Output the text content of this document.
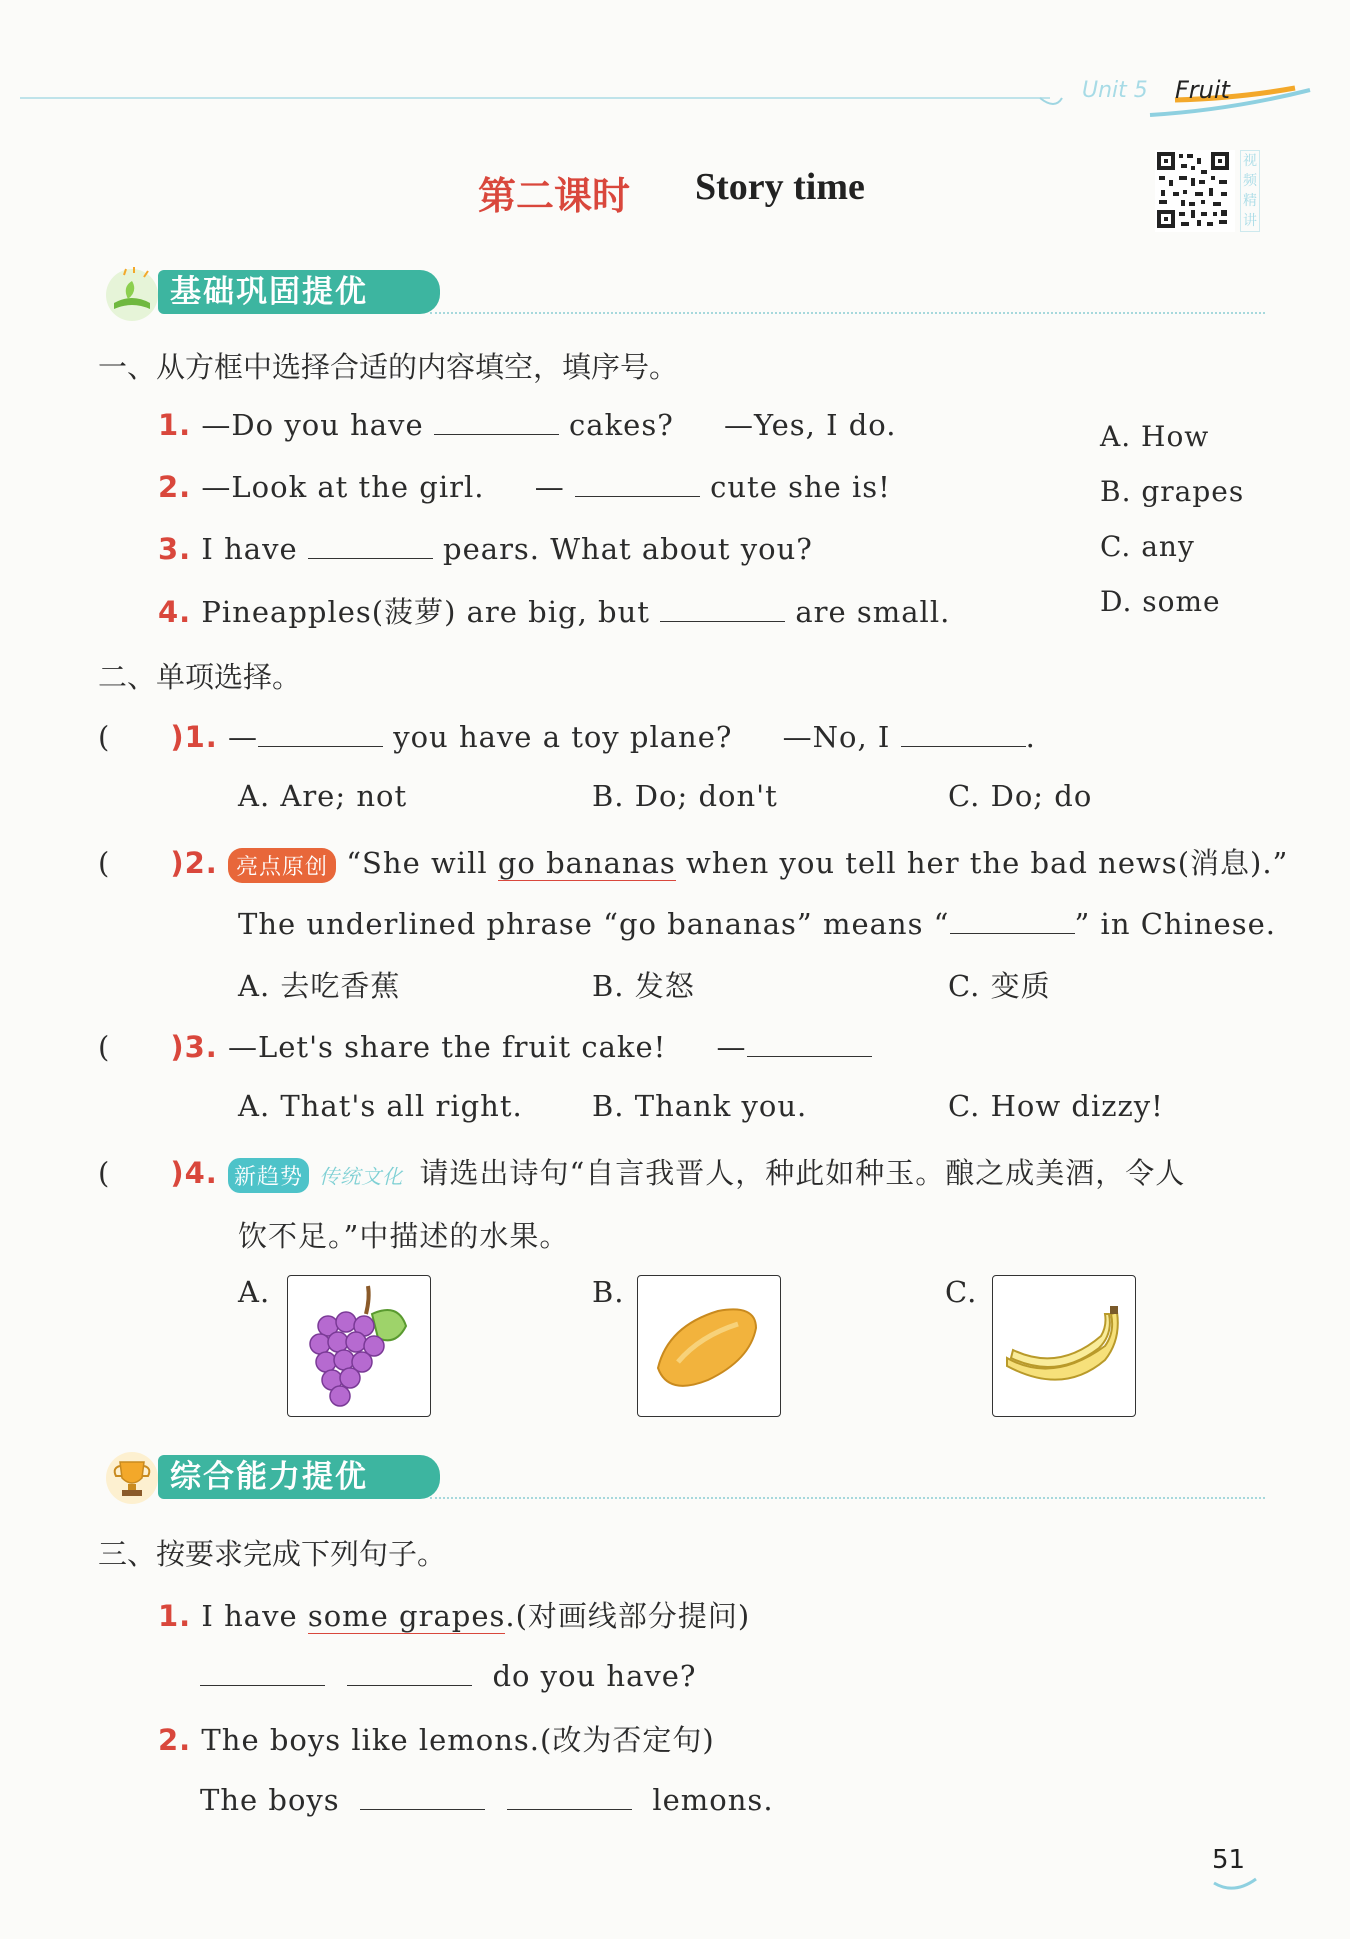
Unit 5 Fruit
第二课时 Story time
视频精讲
基础巩固提优
一、从方框中选择合适的内容填空，填序号。
1. —Do you have	cakes? —Yes, I do.
2. —Look at the girl. —	cute she is!
3. I have	pears. What about you?
4. Pineapples(菠萝) are big, but	are small.
A. How
B. grapes
C. any
D. some
二、单项选择。
( )1. —	you have a toy plane? —No, I	.
A. Are; not	B. Do; don't	C. Do; do
( )2. 亮点原创 “She will go bananas when you tell her the bad news(消息).”
The underlined phrase “go bananas” means “	” in Chinese.
A. 去吃香蕉	B. 发怒	C. 变质
( )3. —Let's share the fruit cake! —
A. That's all right. B. Thank you.	C. How dizzy!
( )4. 新趋势 传统文化 请选出诗句“自言我晋人，种此如种玉。酿之成美酒，令人
饮不足。”中描述的水果。
A.	B.	C.
综合能力提优
三、按要求完成下列句子。
1. I have some grapes.(对画线部分提问)
do you have?
2. The boys like lemons.(改为否定句)
The boys	lemons.
51
